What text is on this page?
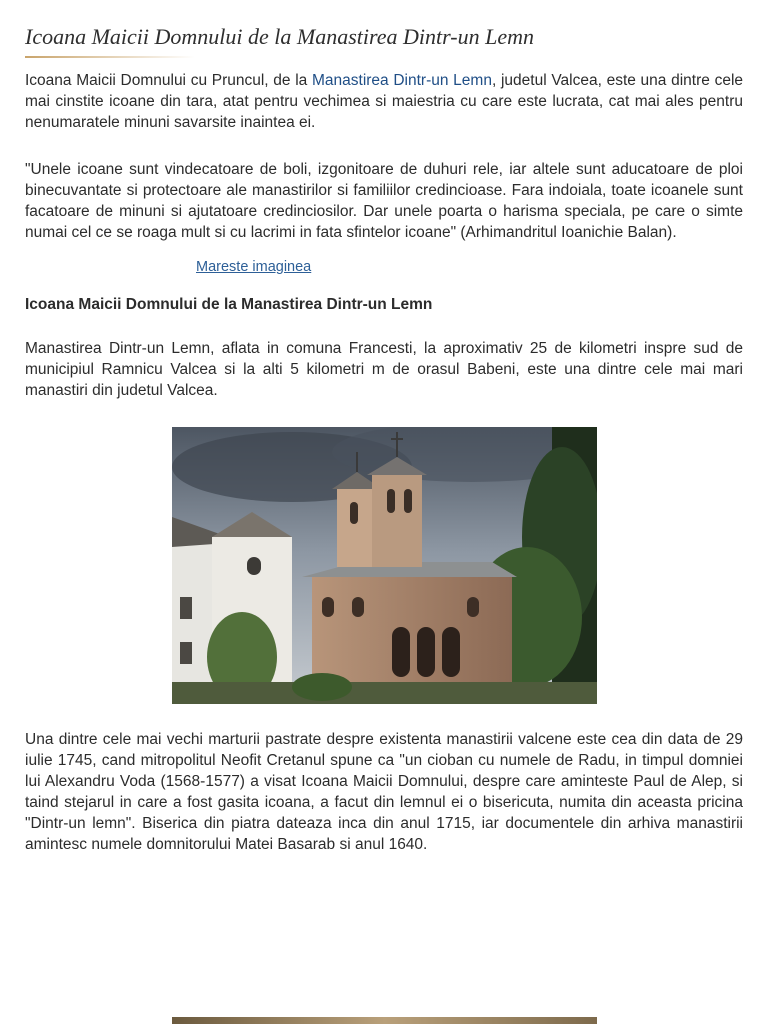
Icoana Maicii Domnului de la Manastirea Dintr-un Lemn

Icoana Maicii Domnului cu Pruncul, de la Manastirea Dintr-un Lemn, judetul Valcea, este una dintre cele mai cinstite icoane din tara, atat pentru vechimea si maiestria cu care este lucrata, cat mai ales pentru nenumaratele minuni savarsite inaintea ei.

"Unele icoane sunt vindecatoare de boli, izgonitoare de duhuri rele, iar altele sunt aducatoare de ploi binecuvantate si protectoare ale manastirilor si familiilor credincioase. Fara indoiala, toate icoanele sunt facatoare de minuni si ajutatoare credinciosilor. Dar unele poarta o harisma speciala, pe care o simte numai cel ce se roaga mult si cu lacrimi in fata sfintelor icoane" (Arhimandritul Ioanichie Balan).

Mareste imaginea
Icoana Maicii Domnului de la Manastirea Dintr-un Lemn

Manastirea Dintr-un Lemn, aflata in comuna Francesti, la aproximativ 25 de kilometri inspre sud de municipiul Ramnicu Valcea si la alti 5 kilometri m de orasul Babeni, este una dintre cele mai mari manastiri din judetul Valcea.

Una dintre cele mai vechi marturii pastrate despre existenta manastirii valcene este cea din data de 29 iulie 1745, cand mitropolitul Neofit Cretanul spune ca "un cioban cu numele de Radu, in timpul domniei lui Alexandru Voda (1568-1577) a visat Icoana Maicii Domnului, despre care aminteste Paul de Alep, si taind stejarul in care a fost gasita icoana, a facut din lemnul ei o bisericuta, numita din aceasta pricina "Dintr-un lemn". Biserica din piatra dateaza inca din anul 1715, iar documentele din arhiva manastirii amintesc numele domnitorului Matei Basarab si anul 1640.
